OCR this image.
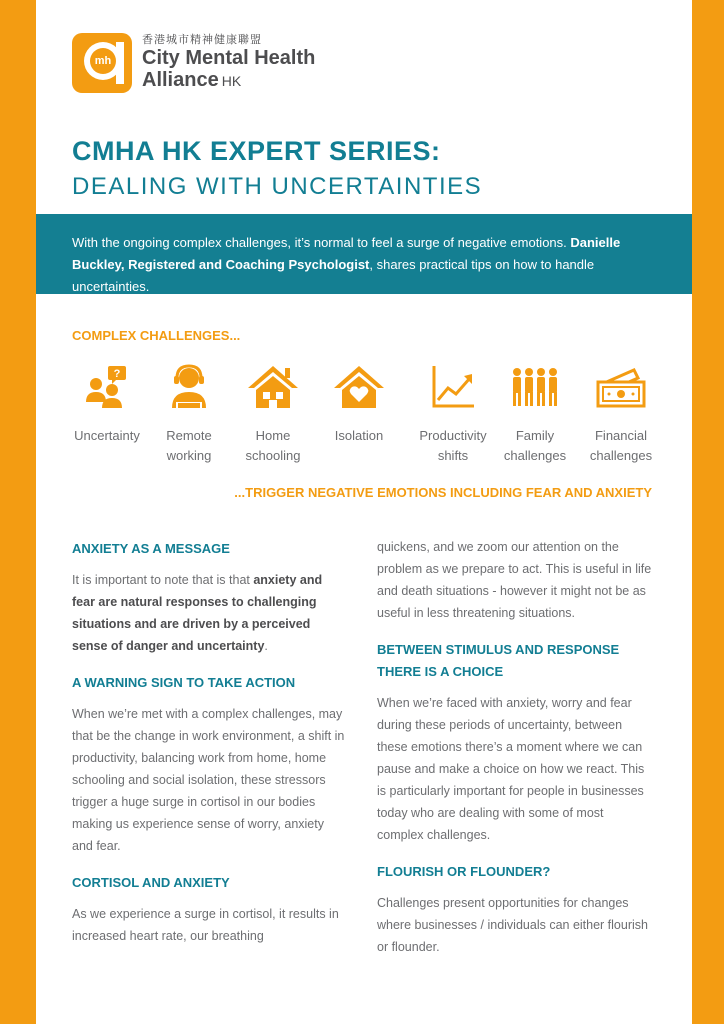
mh
香港城市精神健康聯盟
City Mental Health
Alliance HK
CMHA HK EXPERT SERIES:
DEALING WITH UNCERTAINTIES
With the ongoing complex challenges, it’s normal to feel a surge of negative emotions. Danielle Buckley, Registered and Coaching Psychologist, shares practical tips on how to handle uncertainties.
COMPLEX CHALLENGES...
?
Uncertainty	Remote
working
Home
schooling
Isolation	Productivity
shifts
Family
challenges
Financial
challenges
...TRIGGER NEGATIVE EMOTIONS INCLUDING FEAR AND ANXIETY
ANXIETY AS A MESSAGE
It is important to note that is that anxiety and fear are natural responses to challenging situations and are driven by a perceived sense of danger and uncertainty.
A WARNING SIGN TO TAKE ACTION
When we’re met with a complex challenges, may that be the change in work environment, a shift in productivity, balancing work from home, home schooling and social isolation, these stressors trigger a huge surge in cortisol in our bodies making us experience sense of worry, anxiety and fear.
CORTISOL AND ANXIETY
As we experience a surge in cortisol, it results in increased heart rate, our breathing
quickens, and we zoom our attention on the problem as we prepare to act. This is useful in life and death situations - however it might not be as useful in less threatening situations.
BETWEEN STIMULUS AND RESPONSE THERE IS A CHOICE
When we’re faced with anxiety, worry and fear during these periods of uncertainty, between these emotions there’s a moment where we can pause and make a choice on how we react. This is particularly important for people in businesses today who are dealing with some of most complex challenges.
FLOURISH OR FLOUNDER?
Challenges present opportunities for changes where businesses / individuals can either flourish or flounder.
